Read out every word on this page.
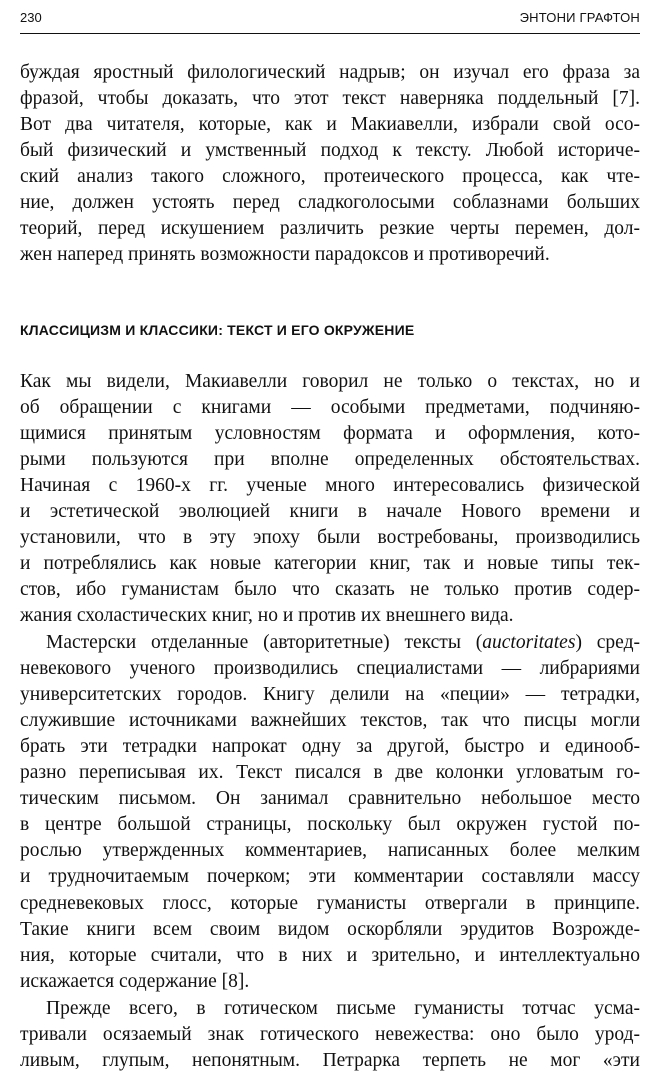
230	ЭНТОНИ ГРАФТОН
КЛАССИЦИЗМ И КЛАССИКИ: ТЕКСТ И ЕГО ОКРУЖЕНИЕ
буждая яростный филологический надрыв; он изучал его фраза за
фразой, чтобы доказать, что этот текст наверняка поддельный [7].
Вот два читателя, которые, как и Макиавелли, избрали свой осо-
бый физический и умственный подход к тексту. Любой историче-
ский анализ такого сложного, протеического процесса, как чте-
ние, должен устоять перед сладкоголосыми соблазнами больших
теорий, перед искушением различить резкие черты перемен, дол-
жен наперед принять возможности парадоксов и противоречий.
Как мы видели, Макиавелли говорил не только о текстах, но и
об обращении с книгами — особыми предметами, подчиняю-
щимися принятым условностям формата и оформления, кото-
рыми пользуются при вполне определенных обстоятельствах.
Начиная с 1960-х гг. ученые много интересовались физической
и эстетической эволюцией книги в начале Нового времени и
установили, что в эту эпоху были востребованы, производились
и потреблялись как новые категории книг, так и новые типы тек-
стов, ибо гуманистам было что сказать не только против содер-
жания схоластических книг, но и против их внешнего вида.
Мастерски отделанные (авторитетные) тексты (auctoritates) сред-
невекового ученого производились специалистами — либрариями
университетских городов. Книгу делили на «пеции» — тетрадки,
служившие источниками важнейших текстов, так что писцы могли
брать эти тетрадки напрокат одну за другой, быстро и единооб-
разно переписывая их. Текст писался в две колонки угловатым го-
тическим письмом. Он занимал сравнительно небольшое место
в центре большой страницы, поскольку был окружен густой по-
рослью утвержденных комментариев, написанных более мелким
и трудночитаемым почерком; эти комментарии составляли массу
средневековых глосс, которые гуманисты отвергали в принципе.
Такие книги всем своим видом оскорбляли эрудитов Возрожде-
ния, которые считали, что в них и зрительно, и интеллектуально
искажается содержание [8].
Прежде всего, в готическом письме гуманисты тотчас усма-
тривали осязаемый знак готического невежества: оно было урод-
ливым, глупым, непонятным. Петрарка терпеть не мог «эти
